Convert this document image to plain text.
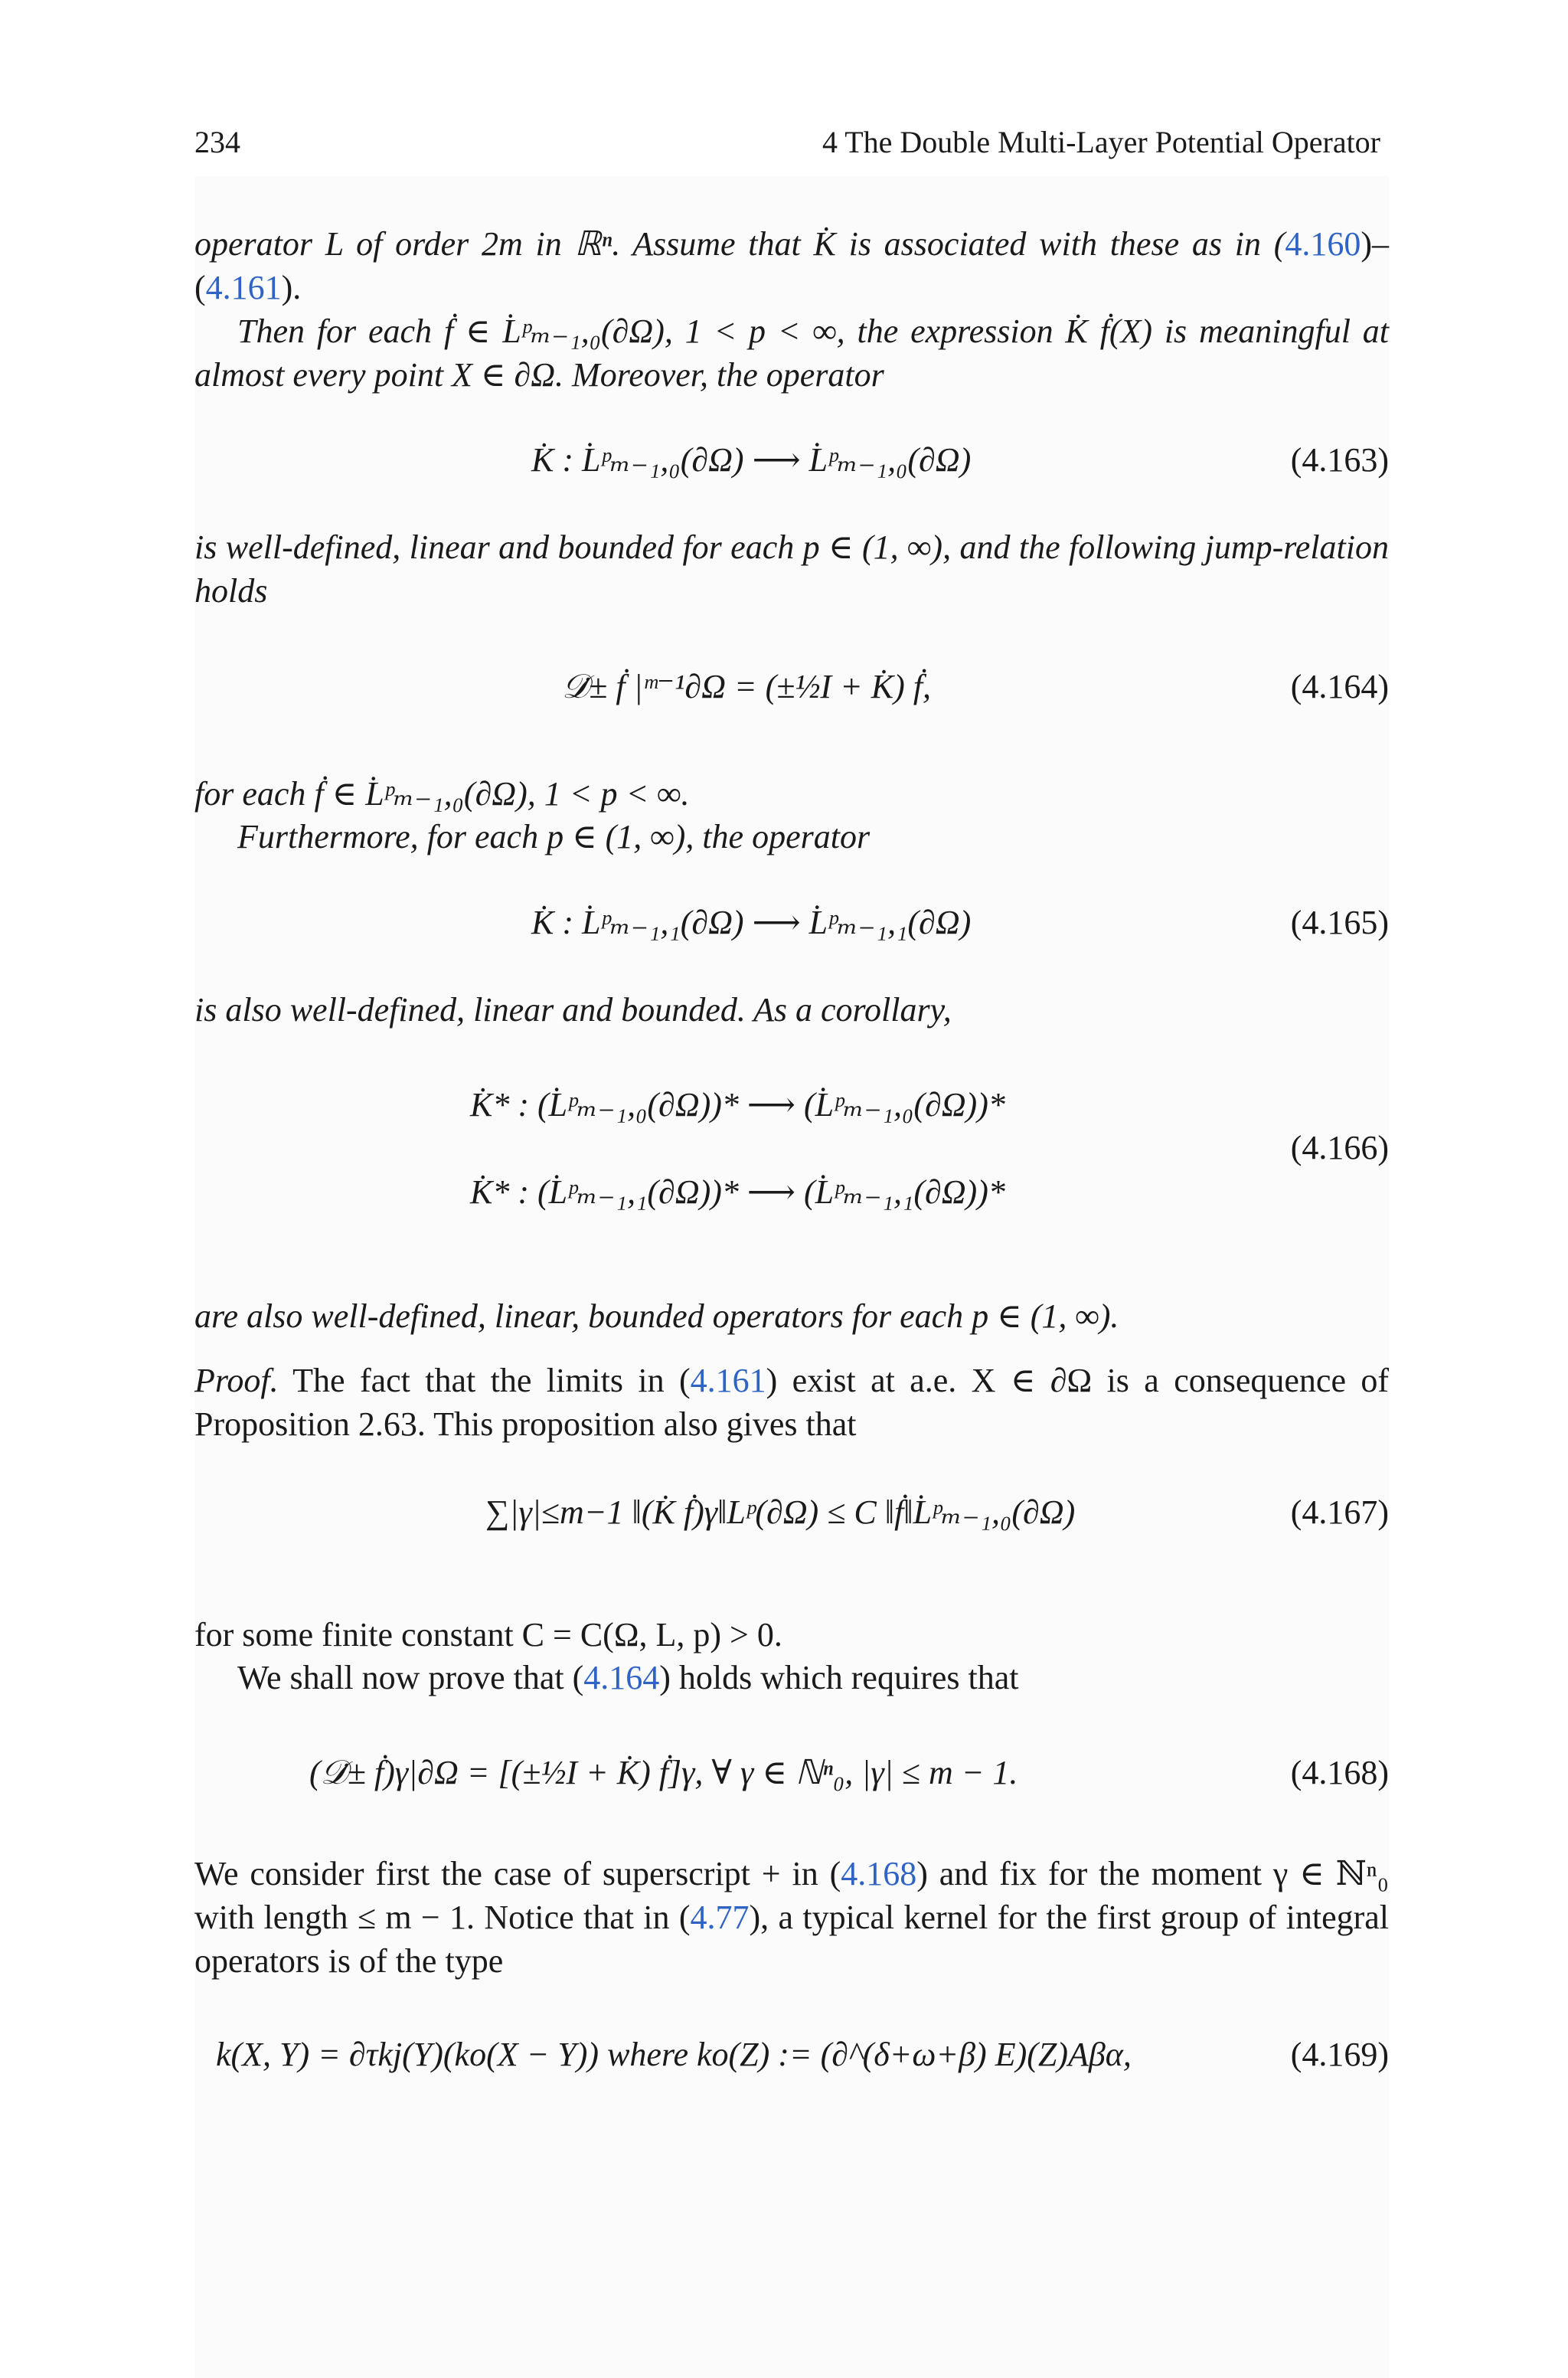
234	4 The Double Multi-Layer Potential Operator
operator L of order 2m in ℝⁿ. Assume that K̇ is associated with these as in (4.160)–(4.161).
Then for each ḟ ∈ L̇ᵖₘ₋₁,₀(∂Ω), 1 < p < ∞, the expression K̇ ḟ(X) is meaningful at almost every point X ∈ ∂Ω. Moreover, the operator
K̇ : L̇ᵖₘ₋₁,₀(∂Ω) ⟶ L̇ᵖₘ₋₁,₀(∂Ω)	(4.163)
is well-defined, linear and bounded for each p ∈ (1, ∞), and the following jump-relation holds
𝒟̇± ḟ |ᵐ⁻¹∂Ω = (±½I + K̇) ḟ,	(4.164)
for each ḟ ∈ L̇ᵖₘ₋₁,₀(∂Ω), 1 < p < ∞.
Furthermore, for each p ∈ (1, ∞), the operator
K̇ : L̇ᵖₘ₋₁,₁(∂Ω) ⟶ L̇ᵖₘ₋₁,₁(∂Ω)	(4.165)
is also well-defined, linear and bounded. As a corollary,
K̇* : (L̇ᵖₘ₋₁,₀(∂Ω))* ⟶ (L̇ᵖₘ₋₁,₀(∂Ω))*
K̇* : (L̇ᵖₘ₋₁,₁(∂Ω))* ⟶ (L̇ᵖₘ₋₁,₁(∂Ω))*
(4.166)
are also well-defined, linear, bounded operators for each p ∈ (1, ∞).
Proof. The fact that the limits in (4.161) exist at a.e. X ∈ ∂Ω is a consequence of Proposition 2.63. This proposition also gives that
∑|γ|≤m−1 ‖(K̇ ḟ)γ‖Lᵖ(∂Ω) ≤ C ‖ḟ‖L̇ᵖₘ₋₁,₀(∂Ω)	(4.167)
for some finite constant C = C(Ω, L, p) > 0.
We shall now prove that (4.164) holds which requires that
(𝒟̇± ḟ)γ|∂Ω = [(±½I + K̇) ḟ]γ, ∀ γ ∈ ℕⁿ₀, |γ| ≤ m − 1.	(4.168)
We consider first the case of superscript + in (4.168) and fix for the moment γ ∈ ℕⁿ₀ with length ≤ m − 1. Notice that in (4.77), a typical kernel for the first group of integral operators is of the type
k(X, Y) = ∂τkj(Y)(ko(X − Y)) where ko(Z) := (∂^(δ+ω+β) E)(Z)Aβα,	(4.169)
